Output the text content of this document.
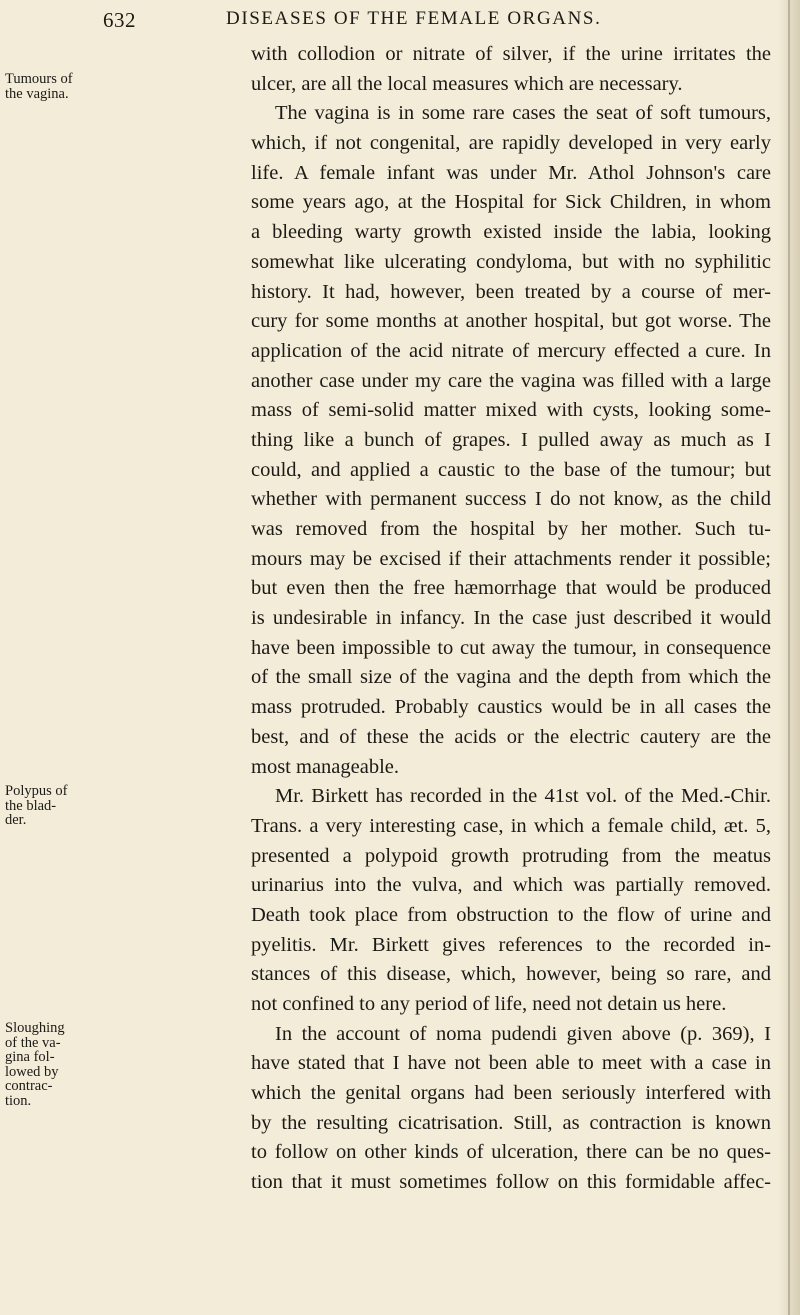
632	DISEASES OF THE FEMALE ORGANS.
Tumours of
the vagina.
Polypus of
the blad-
der.
Sloughing
of the va-
gina fol-
lowed by
contrac-
tion.
with collodion or nitrate of silver, if the urine irritates the
ulcer, are all the local measures which are necessary.
The vagina is in some rare cases the seat of soft tumours,
which, if not congenital, are rapidly developed in very early
life. A female infant was under Mr. Athol Johnson's care
some years ago, at the Hospital for Sick Children, in whom
a bleeding warty growth existed inside the labia, looking
somewhat like ulcerating condyloma, but with no syphilitic
history. It had, however, been treated by a course of mer-
cury for some months at another hospital, but got worse. The
application of the acid nitrate of mercury effected a cure. In
another case under my care the vagina was filled with a large
mass of semi-solid matter mixed with cysts, looking some-
thing like a bunch of grapes. I pulled away as much as I
could, and applied a caustic to the base of the tumour; but
whether with permanent success I do not know, as the child
was removed from the hospital by her mother. Such tu-
mours may be excised if their attachments render it possible;
but even then the free hæmorrhage that would be produced
is undesirable in infancy. In the case just described it would
have been impossible to cut away the tumour, in consequence
of the small size of the vagina and the depth from which the
mass protruded. Probably caustics would be in all cases the
best, and of these the acids or the electric cautery are the
most manageable.
Mr. Birkett has recorded in the 41st vol. of the Med.-Chir.
Trans. a very interesting case, in which a female child, æt. 5,
presented a polypoid growth protruding from the meatus
urinarius into the vulva, and which was partially removed.
Death took place from obstruction to the flow of urine and
pyelitis. Mr. Birkett gives references to the recorded in-
stances of this disease, which, however, being so rare, and
not confined to any period of life, need not detain us here.
In the account of noma pudendi given above (p. 369), I
have stated that I have not been able to meet with a case in
which the genital organs had been seriously interfered with
by the resulting cicatrisation. Still, as contraction is known
to follow on other kinds of ulceration, there can be no ques-
tion that it must sometimes follow on this formidable affec-
